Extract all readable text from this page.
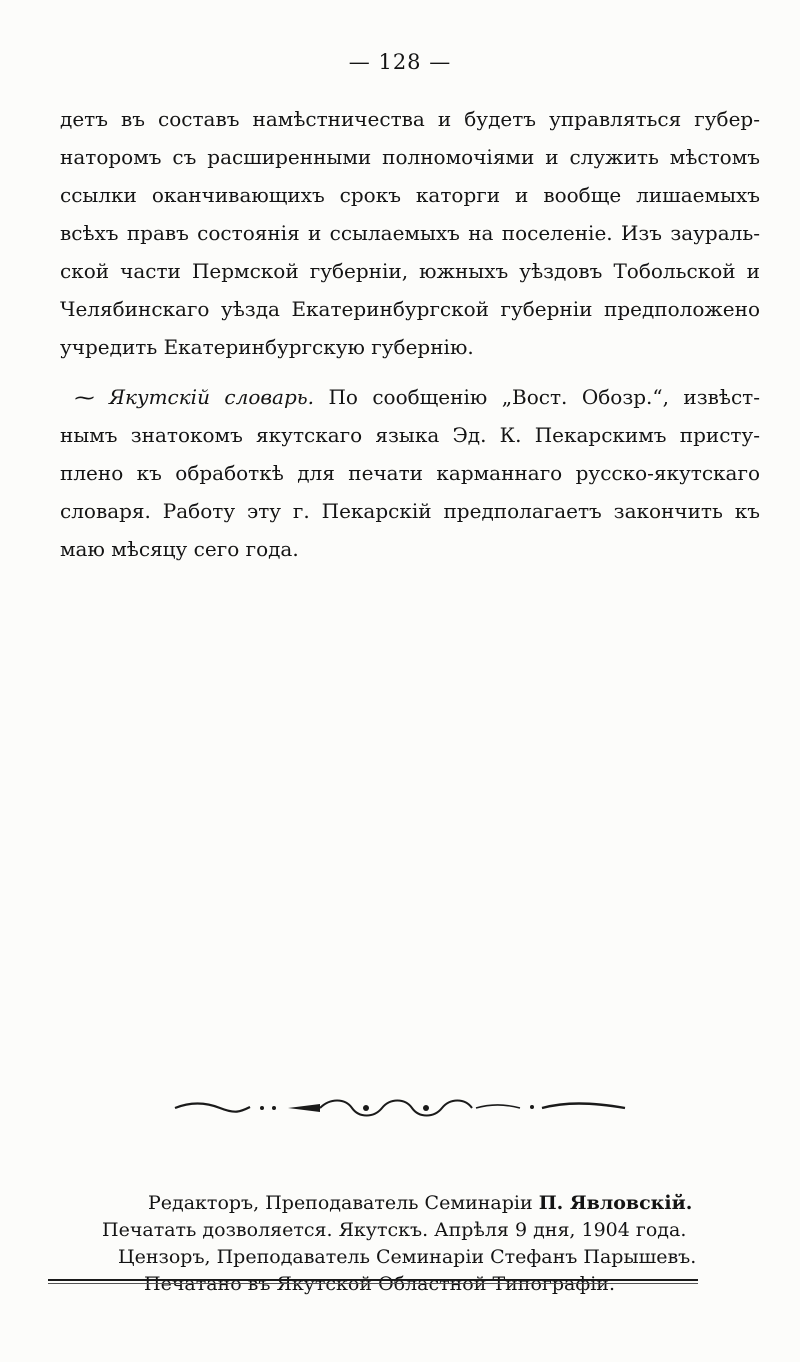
— 128 —
детъ въ составъ намѣстничества и будетъ управляться губер-
наторомъ съ расширенными полномочіями и служить мѣстомъ
ссылки оканчивающихъ срокъ каторги и вообще лишаемыхъ
всѣхъ правъ состоянія и ссылаемыхъ на поселеніе. Изъ заураль-
ской части Пермской губерніи, южныхъ уѣздовъ Тобольской и
Челябинскаго уѣзда Екатеринбургской губерніи предположено
учредить Екатеринбургскую губернію.
⁓ Якутскій словарь. По сообщенію „Вост. Обозр.“, извѣст-
нымъ знатокомъ якутскаго языка Эд. К. Пекарскимъ присту-
плено къ обработкѣ для печати карманнаго русско-якутскаго
словаря. Работу эту г. Пекарскій предполагаетъ закончить къ
маю мѣсяцу сего года.
Редакторъ, Преподаватель Семинаріи П. Явловскій.
Печатать дозволяется. Якутскъ. Апрѣля 9 дня, 1904 года.
Цензоръ, Преподаватель Семинаріи Стефанъ Парышевъ.
Печатано въ Якутской Областной Типографіи.
